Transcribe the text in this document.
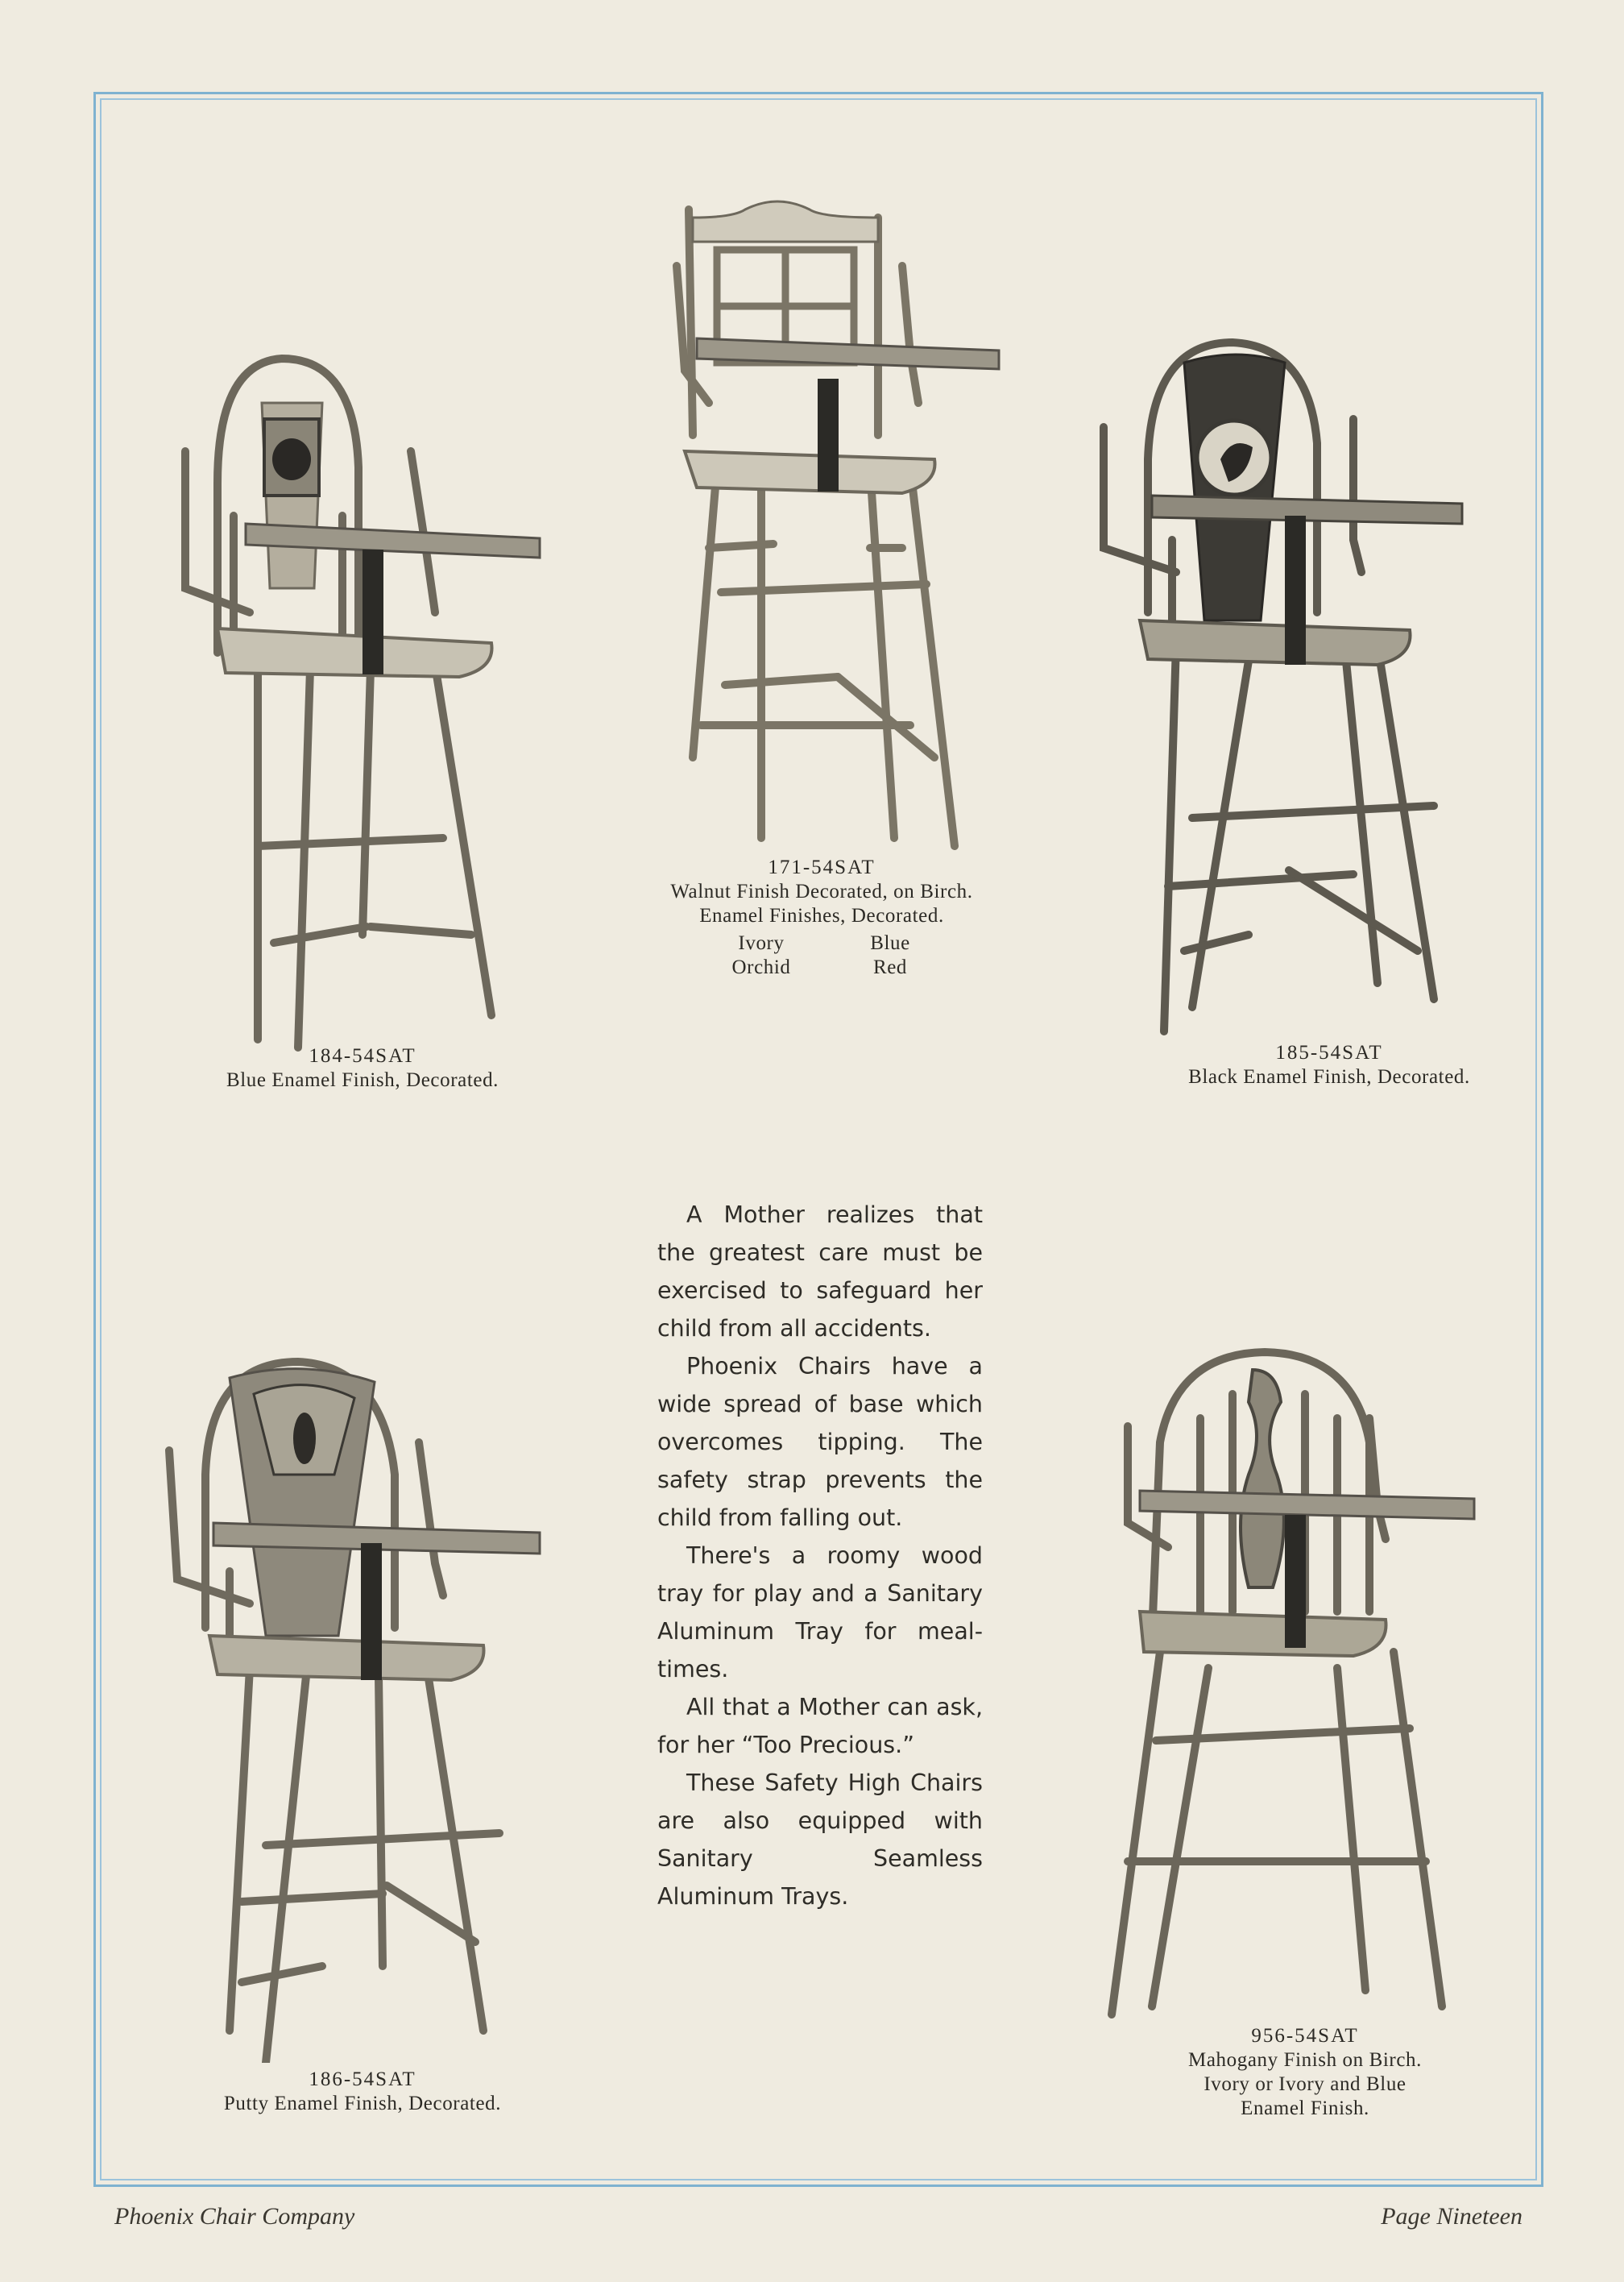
184-54SAT
Blue Enamel Finish, Decorated.
171-54SAT
Walnut Finish Decorated, on Birch.
Enamel Finishes, Decorated.
Ivory	Blue
Orchid	Red
185-54SAT
Black Enamel Finish, Decorated.
186-54SAT
Putty Enamel Finish, Decorated.
956-54SAT
Mahogany Finish on Birch.
Ivory or Ivory and Blue
Enamel Finish.

A Mother realizes that the greatest care must be exercised to safeguard her child from all accidents.

Phoenix Chairs have a wide spread of base which overcomes tipping. The safety strap prevents the child from falling out.

There's a roomy wood tray for play and a Sanitary Aluminum Tray for meal-times.

All that a Mother can ask, for her “Too Precious.”

These Safety High Chairs are also equipped with Sanitary Seamless Aluminum Trays.

Phoenix Chair Company	Page Nineteen
